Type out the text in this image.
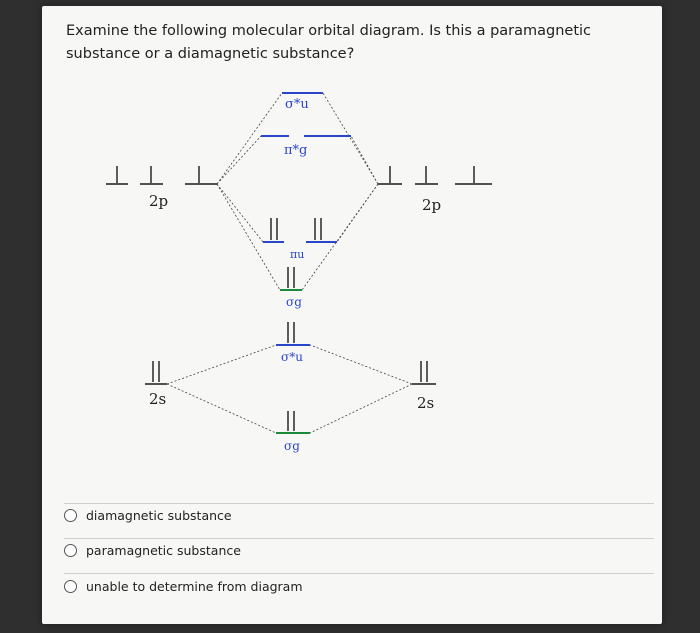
Examine the following molecular orbital diagram. Is this a paramagnetic substance or a diamagnetic substance?
σ*u
π*g
πu
σg
σ*u
σg
2p	2p
2s	2s
diamagnetic substance
paramagnetic substance
unable to determine from diagram
